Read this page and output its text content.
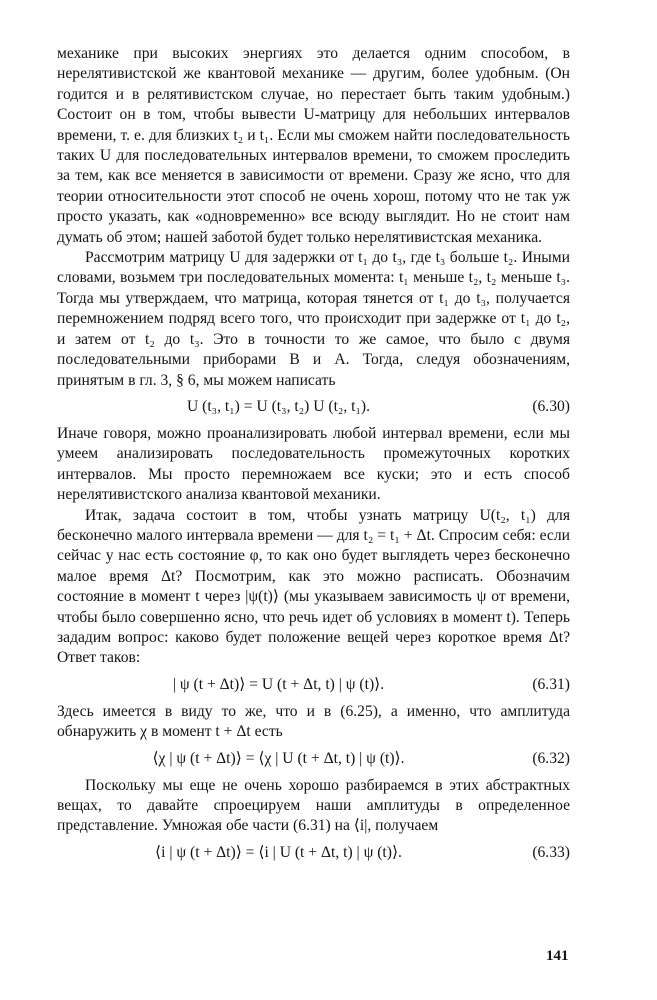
механике при высоких энергиях это делается одним способом, в нерелятивистской же квантовой механике — другим, более удобным. (Он годится и в релятивистском случае, но перестает быть таким удобным.) Состоит он в том, чтобы вывести U-матрицу для небольших интервалов времени, т. е. для близких t₂ и t₁. Если мы сможем найти последовательность таких U для последовательных интервалов времени, то сможем проследить за тем, как все меняется в зависимости от времени. Сразу же ясно, что для теории относительности этот способ не очень хорош, потому что не так уж просто указать, как «одновременно» все всюду выглядит. Но не стоит нам думать об этом; нашей заботой будет только нерелятивистская механика.

Рассмотрим матрицу U для задержки от t₁ до t₃, где t₃ больше t₂. Иными словами, возьмем три последовательных момента: t₁ меньше t₂, t₂ меньше t₃. Тогда мы утверждаем, что матрица, которая тянется от t₁ до t₃, получается перемножением подряд всего того, что происходит при задержке от t₁ до t₂, и затем от t₂ до t₃. Это в точности то же самое, что было с двумя последовательными приборами B и A. Тогда, следуя обозначениям, принятым в гл. 3, § 6, мы можем написать

U (t₃, t₁) = U (t₃, t₂) U (t₂, t₁).	(6.30)

Иначе говоря, можно проанализировать любой интервал времени, если мы умеем анализировать последовательность промежуточных коротких интервалов. Мы просто перемножаем все куски; это и есть способ нерелятивистского анализа квантовой механики.

Итак, задача состоит в том, чтобы узнать матрицу U(t₂, t₁) для бесконечно малого интервала времени — для t₂ = t₁ + Δt. Спросим себя: если сейчас у нас есть состояние φ, то как оно будет выглядеть через бесконечно малое время Δt? Посмотрим, как это можно расписать. Обозначим состояние в момент t через |ψ(t)⟩ (мы указываем зависимость ψ от времени, чтобы было совершенно ясно, что речь идет об условиях в момент t). Теперь зададим вопрос: каково будет положение вещей через короткое время Δt? Ответ таков:

| ψ (t + Δt)⟩ = U (t + Δt, t) | ψ (t)⟩.	(6.31)

Здесь имеется в виду то же, что и в (6.25), а именно, что амплитуда обнаружить χ в момент t + Δt есть

⟨χ | ψ (t + Δt)⟩ = ⟨χ | U (t + Δt, t) | ψ (t)⟩.	(6.32)

Поскольку мы еще не очень хорошо разбираемся в этих абстрактных вещах, то давайте спроецируем наши амплитуды в определенное представление. Умножая обе части (6.31) на ⟨i|, получаем

⟨i | ψ (t + Δt)⟩ = ⟨i | U (t + Δt, t) | ψ (t)⟩.	(6.33)
141
